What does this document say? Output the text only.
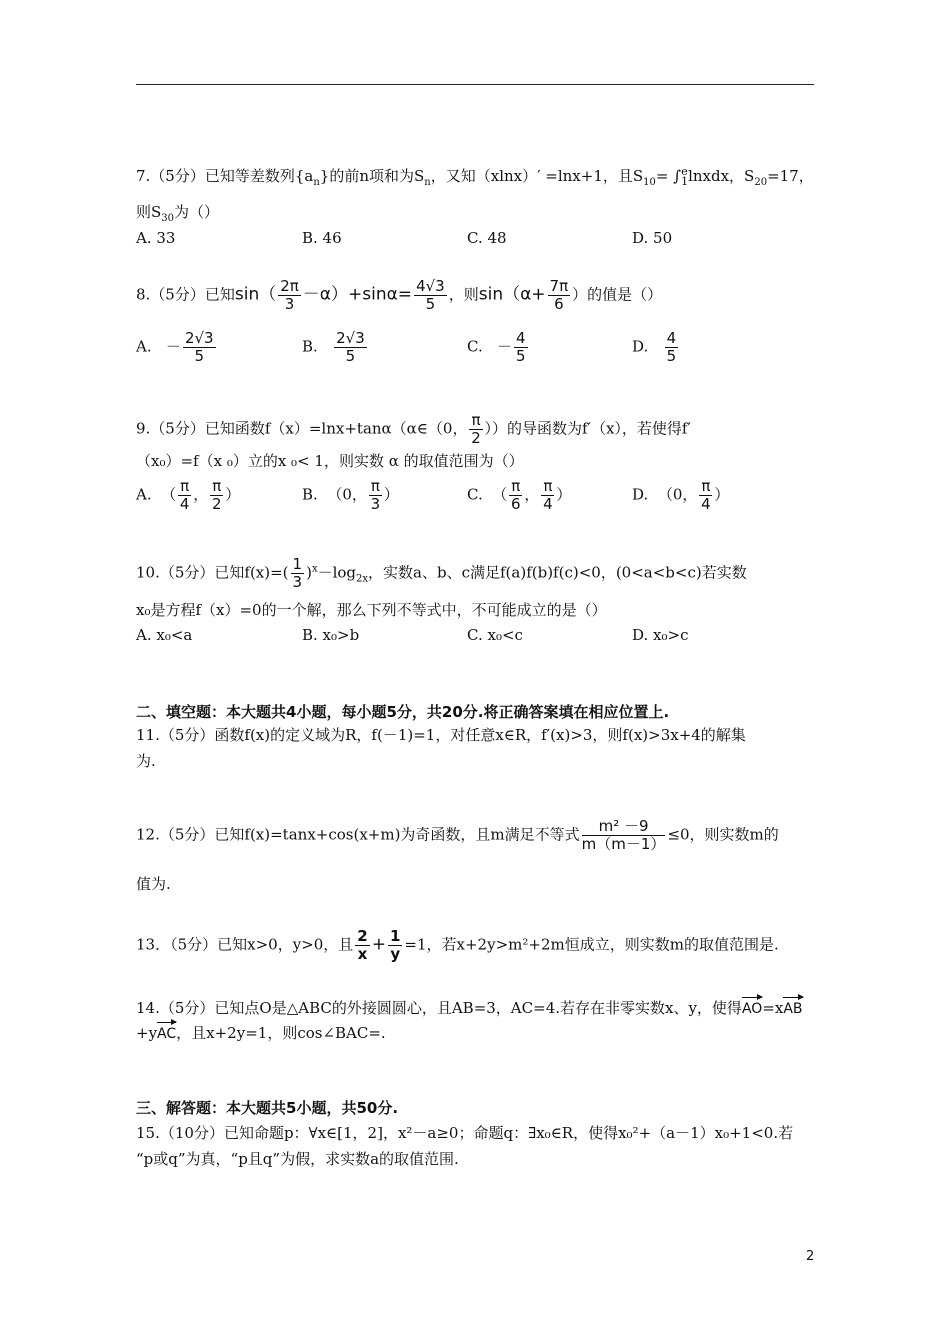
7.（5分）已知等差数列$\{a_n\}$的前n项和为$S_n$，又知（xlnx）′ =lnx+1，且$S_{10}=$ ∫ e
1 lnxdx，$S_{20}=17$，
则$S_{30}$为（）
A. 33	B. 46	C. 48	D. 50
8.（5分）已知$\sin( \frac{2\pi}{3} -\alpha)+\sin\alpha= \frac{4√3}{5}$ ，则$\sin(\alpha+ \frac{7\pi}{6}$ ）的值是（）
A. － $\frac{2√3}{5}$	B. $\frac{2√3}{5}$	C. － $\frac{4}{5}$	D. $\frac{4}{5}$
9.（5分）已知函数f（x）=lnx+tanα（α∈（0， $\frac{\pi}{2}$ ））的导函数为f′（x），若使得f′
（x₀）=f（x ₀）立的x ₀< 1，则实数 α 的取值范围为（）
A. （ $\frac{\pi}{4}$ ， $\frac{\pi}{2}$ ）	B. （0， $\frac{\pi}{3}$ ）	C. （ $\frac{\pi}{6}$ ， $\frac{\pi}{4}$ ）	D. （0， $\frac{\pi}{4}$ ）
10.（5分）已知$f(x)=( \frac{1}{3} )^x-\log_{2x}$，实数a、b、c满足f(a)f(b)f(c)<0，(0<a<b<c)若实数
x₀是方程f（x）=0的一个解，那么下列不等式中，不可能成立的是（）
A. x₀<a	B. x₀>b	C. x₀<c	D. x₀>c
二、填空题：本大题共4小题，每小题5分，共20分.将正确答案填在相应位置上.
11.（5分）函数f(x)的定义域为R，f(－1)=1，对任意x∈R，f′(x)>3，则f(x)>3x+4的解集
为.
12.（5分）已知f(x)=tanx+cos(x+m)为奇函数，且m满足不等式 $\frac{\text{m² －9}}{m(m-1)} \le 0$，则实数m的
值为.
13．（5分）已知x>0，y>0，且 $\frac{2}{x} + \frac{1}{y} =1$，若x+2y>m²+2m恒成立，则实数m的取值范围是.
14.（5分）已知点O是△ABC的外接圆圆心，且AB=3，AC=4.若存在非零实数x、y，使得AO=xAB
+yAC，且x+2y=1，则cos∠BAC=.
三、解答题：本大题共5小题，共50分.
15.（10分）已知命题p：∀x∈[1，2]，x²－a≥0；命题q：∃x₀∈R，使得x₀²+（a－1）x₀+1<0.若
“p或q”为真，“p且q”为假，求实数a的取值范围.
2
